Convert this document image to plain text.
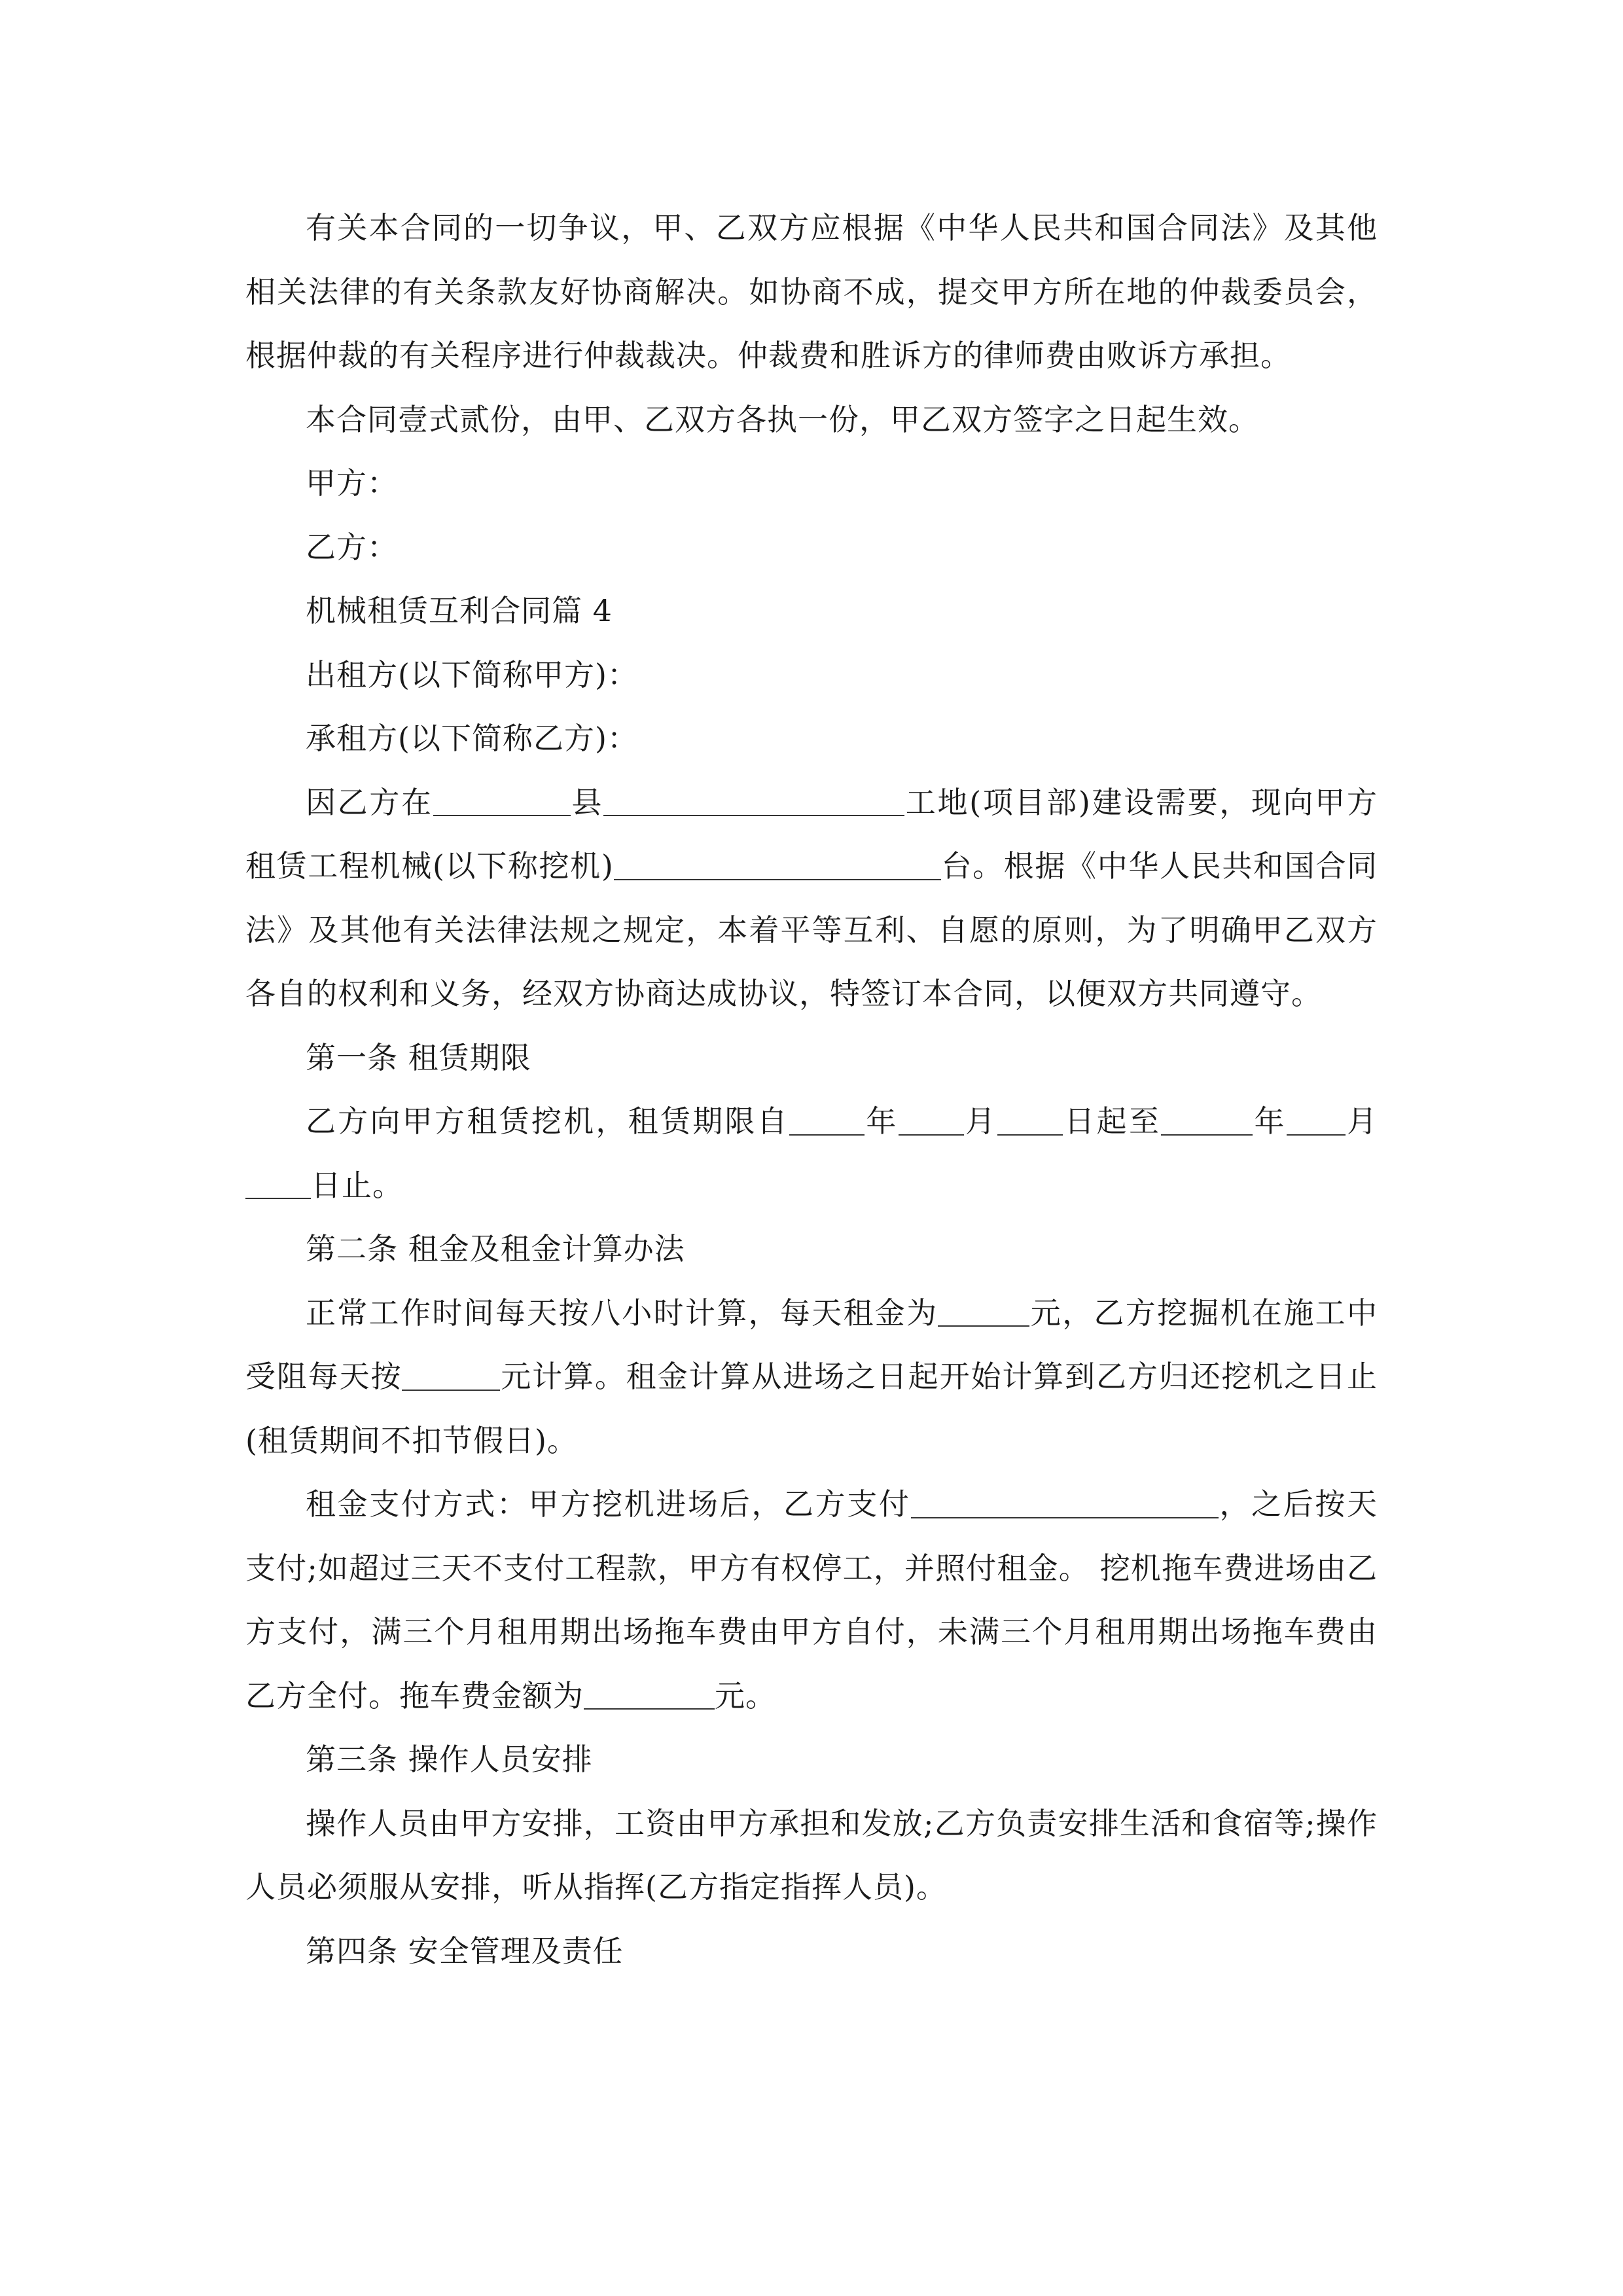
有关本合同的一切争议，甲、乙双方应根据《中华人民共和国合同法》及其他相关法律的有关条款友好协商解决。如协商不成，提交甲方所在地的仲裁委员会，根据仲裁的有关程序进行仲裁裁决。仲裁费和胜诉方的律师费由败诉方承担。

本合同壹式贰份，由甲、乙双方各执一份，甲乙双方签字之日起生效。

甲方：

乙方：

机械租赁互利合同篇 4

出租方(以下简称甲方)：

承租方(以下简称乙方)：

因乙方在	县	工地(项目部)建设需要，现向甲方租赁工程机械(以下称挖机)	台。根据《中华人民共和国合同法》及其他有关法律法规之规定，本着平等互利、自愿的原则，为了明确甲乙双方各自的权利和义务，经双方协商达成协议，特签订本合同，以便双方共同遵守。

第一条 租赁期限

乙方向甲方租赁挖机，租赁期限自	年 月 日起至	年 月日止。

第二条 租金及租金计算办法

正常工作时间每天按八小时计算，每天租金为	元，乙方挖掘机在施工中受阻每天按	元计算。租金计算从进场之日起开始计算到乙方归还挖机之日止(租赁期间不扣节假日)。

租金支付方式：甲方挖机进场后，乙方支付	，之后按天支付;如超过三天不支付工程款，甲方有权停工，并照付租金。 挖机拖车费进场由乙方支付，满三个月租用期出场拖车费由甲方自付，未满三个月租用期出场拖车费由乙方全付。拖车费金额为	元。

第三条 操作人员安排

操作人员由甲方安排，工资由甲方承担和发放;乙方负责安排生活和食宿等;操作人员必须服从安排，听从指挥(乙方指定指挥人员)。

第四条 安全管理及责任
